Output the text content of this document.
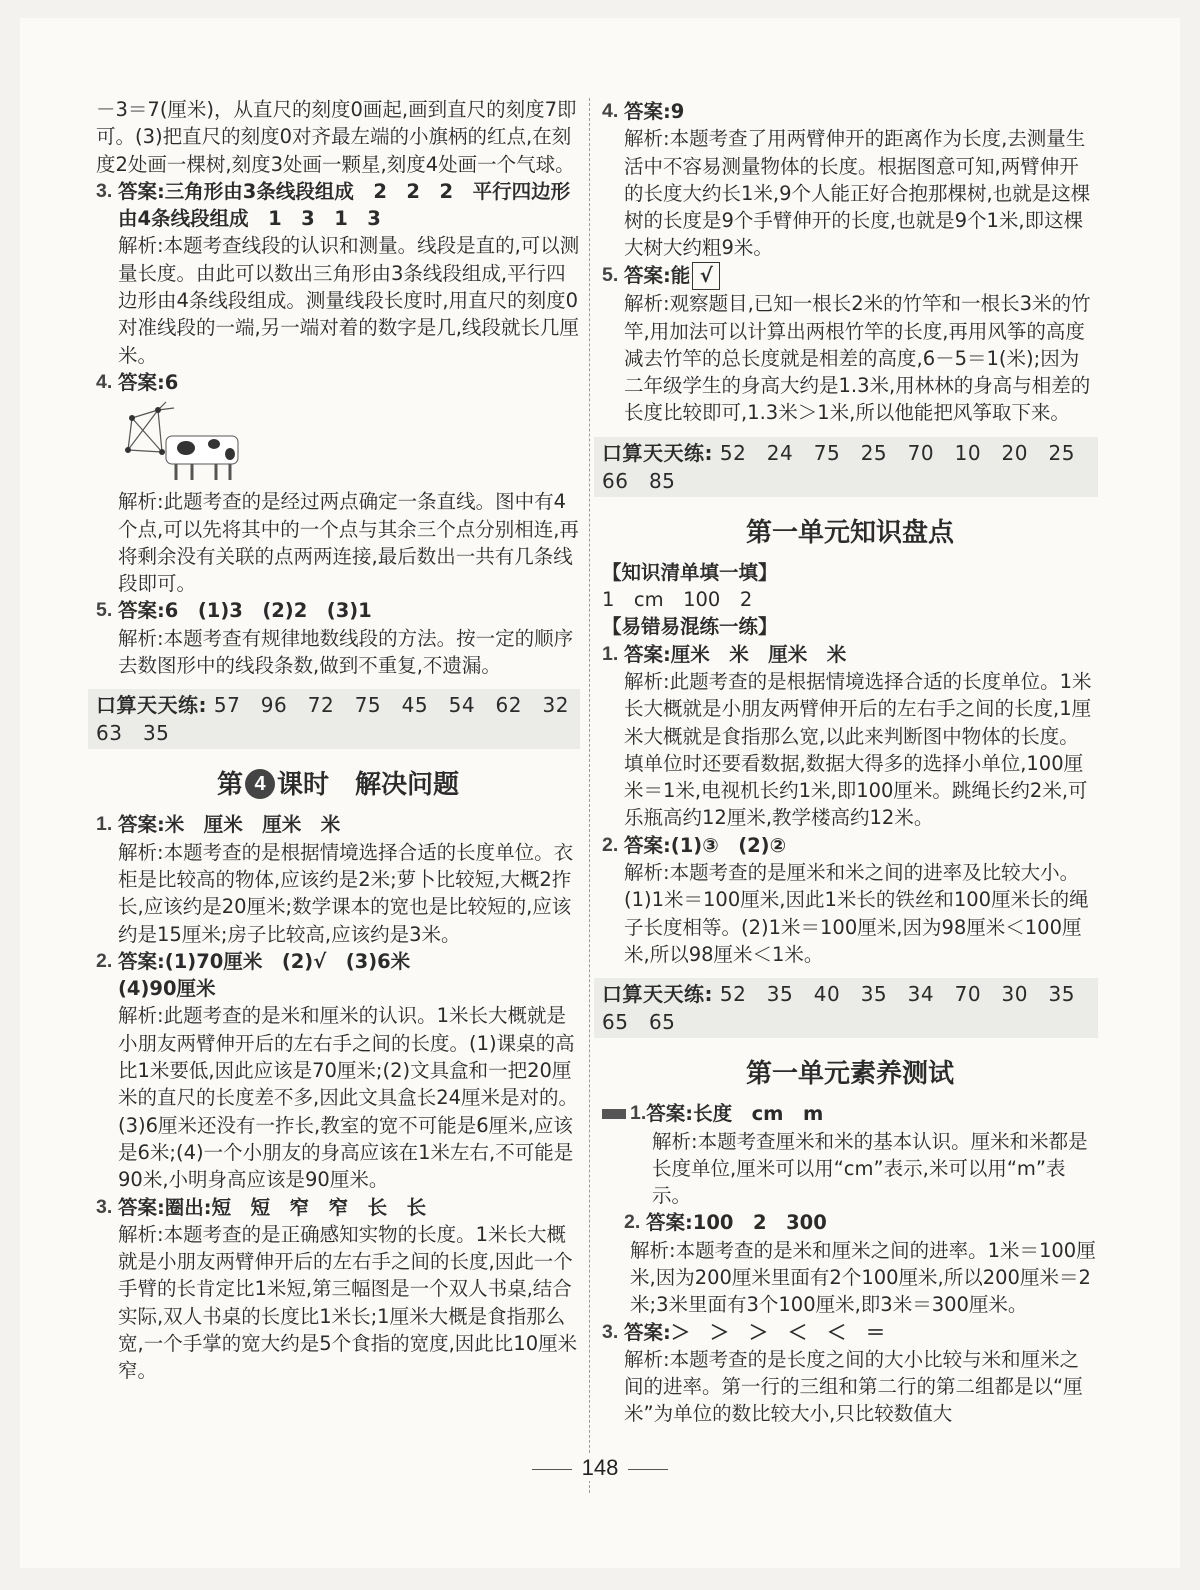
－3＝7(厘米)，从直尺的刻度0画起,画到直尺的刻度7即可。(3)把直尺的刻度0对齐最左端的小旗柄的红点,在刻度2处画一棵树,刻度3处画一颗星,刻度4处画一个气球。

3. 答案:三角形由3条线段组成　2　2　2　平行四边形由4条线段组成　1　3　1　3

解析:本题考查线段的认识和测量。线段是直的,可以测量长度。由此可以数出三角形由3条线段组成,平行四边形由4条线段组成。测量线段长度时,用直尺的刻度0对准线段的一端,另一端对着的数字是几,线段就长几厘米。

4. 答案:6

解析:此题考查的是经过两点确定一条直线。图中有4个点,可以先将其中的一个点与其余三个点分别相连,再将剩余没有关联的点两两连接,最后数出一共有几条线段即可。

5. 答案:6　(1)3　(2)2　(3)1

解析:本题考查有规律地数线段的方法。按一定的顺序去数图形中的线段条数,做到不重复,不遗漏。

口算天天练: 57　96　72　75　45　54　62　32　63　35
第 4 课时　解决问题
1. 答案:米　厘米　厘米　米

解析:本题考查的是根据情境选择合适的长度单位。衣柜是比较高的物体,应该约是2米;萝卜比较短,大概2拃长,应该约是20厘米;数学课本的宽也是比较短的,应该约是15厘米;房子比较高,应该约是3米。

2. 答案:(1)70厘米　(2)√　(3)6米

(4)90厘米

解析:此题考查的是米和厘米的认识。1米长大概就是小朋友两臂伸开后的左右手之间的长度。(1)课桌的高比1米要低,因此应该是70厘米;(2)文具盒和一把20厘米的直尺的长度差不多,因此文具盒长24厘米是对的。(3)6厘米还没有一拃长,教室的宽不可能是6厘米,应该是6米;(4)一个小朋友的身高应该在1米左右,不可能是90米,小明身高应该是90厘米。

3. 答案:圈出:短　短　窄　窄　长　长

解析:本题考查的是正确感知实物的长度。1米长大概就是小朋友两臂伸开后的左右手之间的长度,因此一个手臂的长肯定比1米短,第三幅图是一个双人书桌,结合实际,双人书桌的长度比1米长;1厘米大概是食指那么宽,一个手掌的宽大约是5个食指的宽度,因此比10厘米窄。

4. 答案:9

解析:本题考查了用两臂伸开的距离作为长度,去测量生活中不容易测量物体的长度。根据图意可知,两臂伸开的长度大约长1米,9个人能正好合抱那棵树,也就是这棵树的长度是9个手臂伸开的长度,也就是9个1米,即这棵大树大约粗9米。

5. 答案:能 √

解析:观察题目,已知一根长2米的竹竿和一根长3米的竹竿,用加法可以计算出两根竹竿的长度,再用风筝的高度减去竹竿的总长度就是相差的高度,6－5＝1(米);因为二年级学生的身高大约是1.3米,用林林的身高与相差的长度比较即可,1.3米＞1米,所以他能把风筝取下来。

口算天天练: 52　24　75　25　70　10　20　25　66　85
第一单元知识盘点

【知识清单填一填】

1　cm　100　2

【易错易混练一练】

1. 答案:厘米　米　厘米　米

解析:此题考查的是根据情境选择合适的长度单位。1米长大概就是小朋友两臂伸开后的左右手之间的长度,1厘米大概就是食指那么宽,以此来判断图中物体的长度。填单位时还要看数据,数据大得多的选择小单位,100厘米＝1米,电视机长约1米,即100厘米。跳绳长约2米,可乐瓶高约12厘米,教学楼高约12米。

2. 答案:(1)③　(2)②

解析:本题考查的是厘米和米之间的进率及比较大小。(1)1米＝100厘米,因此1米长的铁丝和100厘米长的绳子长度相等。(2)1米＝100厘米,因为98厘米＜100厘米,所以98厘米＜1米。

口算天天练: 52　35　40　35　34　70　30　35　65　65
第一单元素养测试
1. 答案:长度　cm　m

解析:本题考查厘米和米的基本认识。厘米和米都是长度单位,厘米可以用“cm”表示,米可以用“m”表示。

2. 答案:100　2　300

解析:本题考查的是米和厘米之间的进率。1米＝100厘米,因为200厘米里面有2个100厘米,所以200厘米＝2米;3米里面有3个100厘米,即3米＝300厘米。

3. 答案:＞　＞　＞　＜　＜　＝

解析:本题考查的是长度之间的大小比较与米和厘米之间的进率。第一行的三组和第二行的第二组都是以“厘米”为单位的数比较大小,只比较数值大

148
